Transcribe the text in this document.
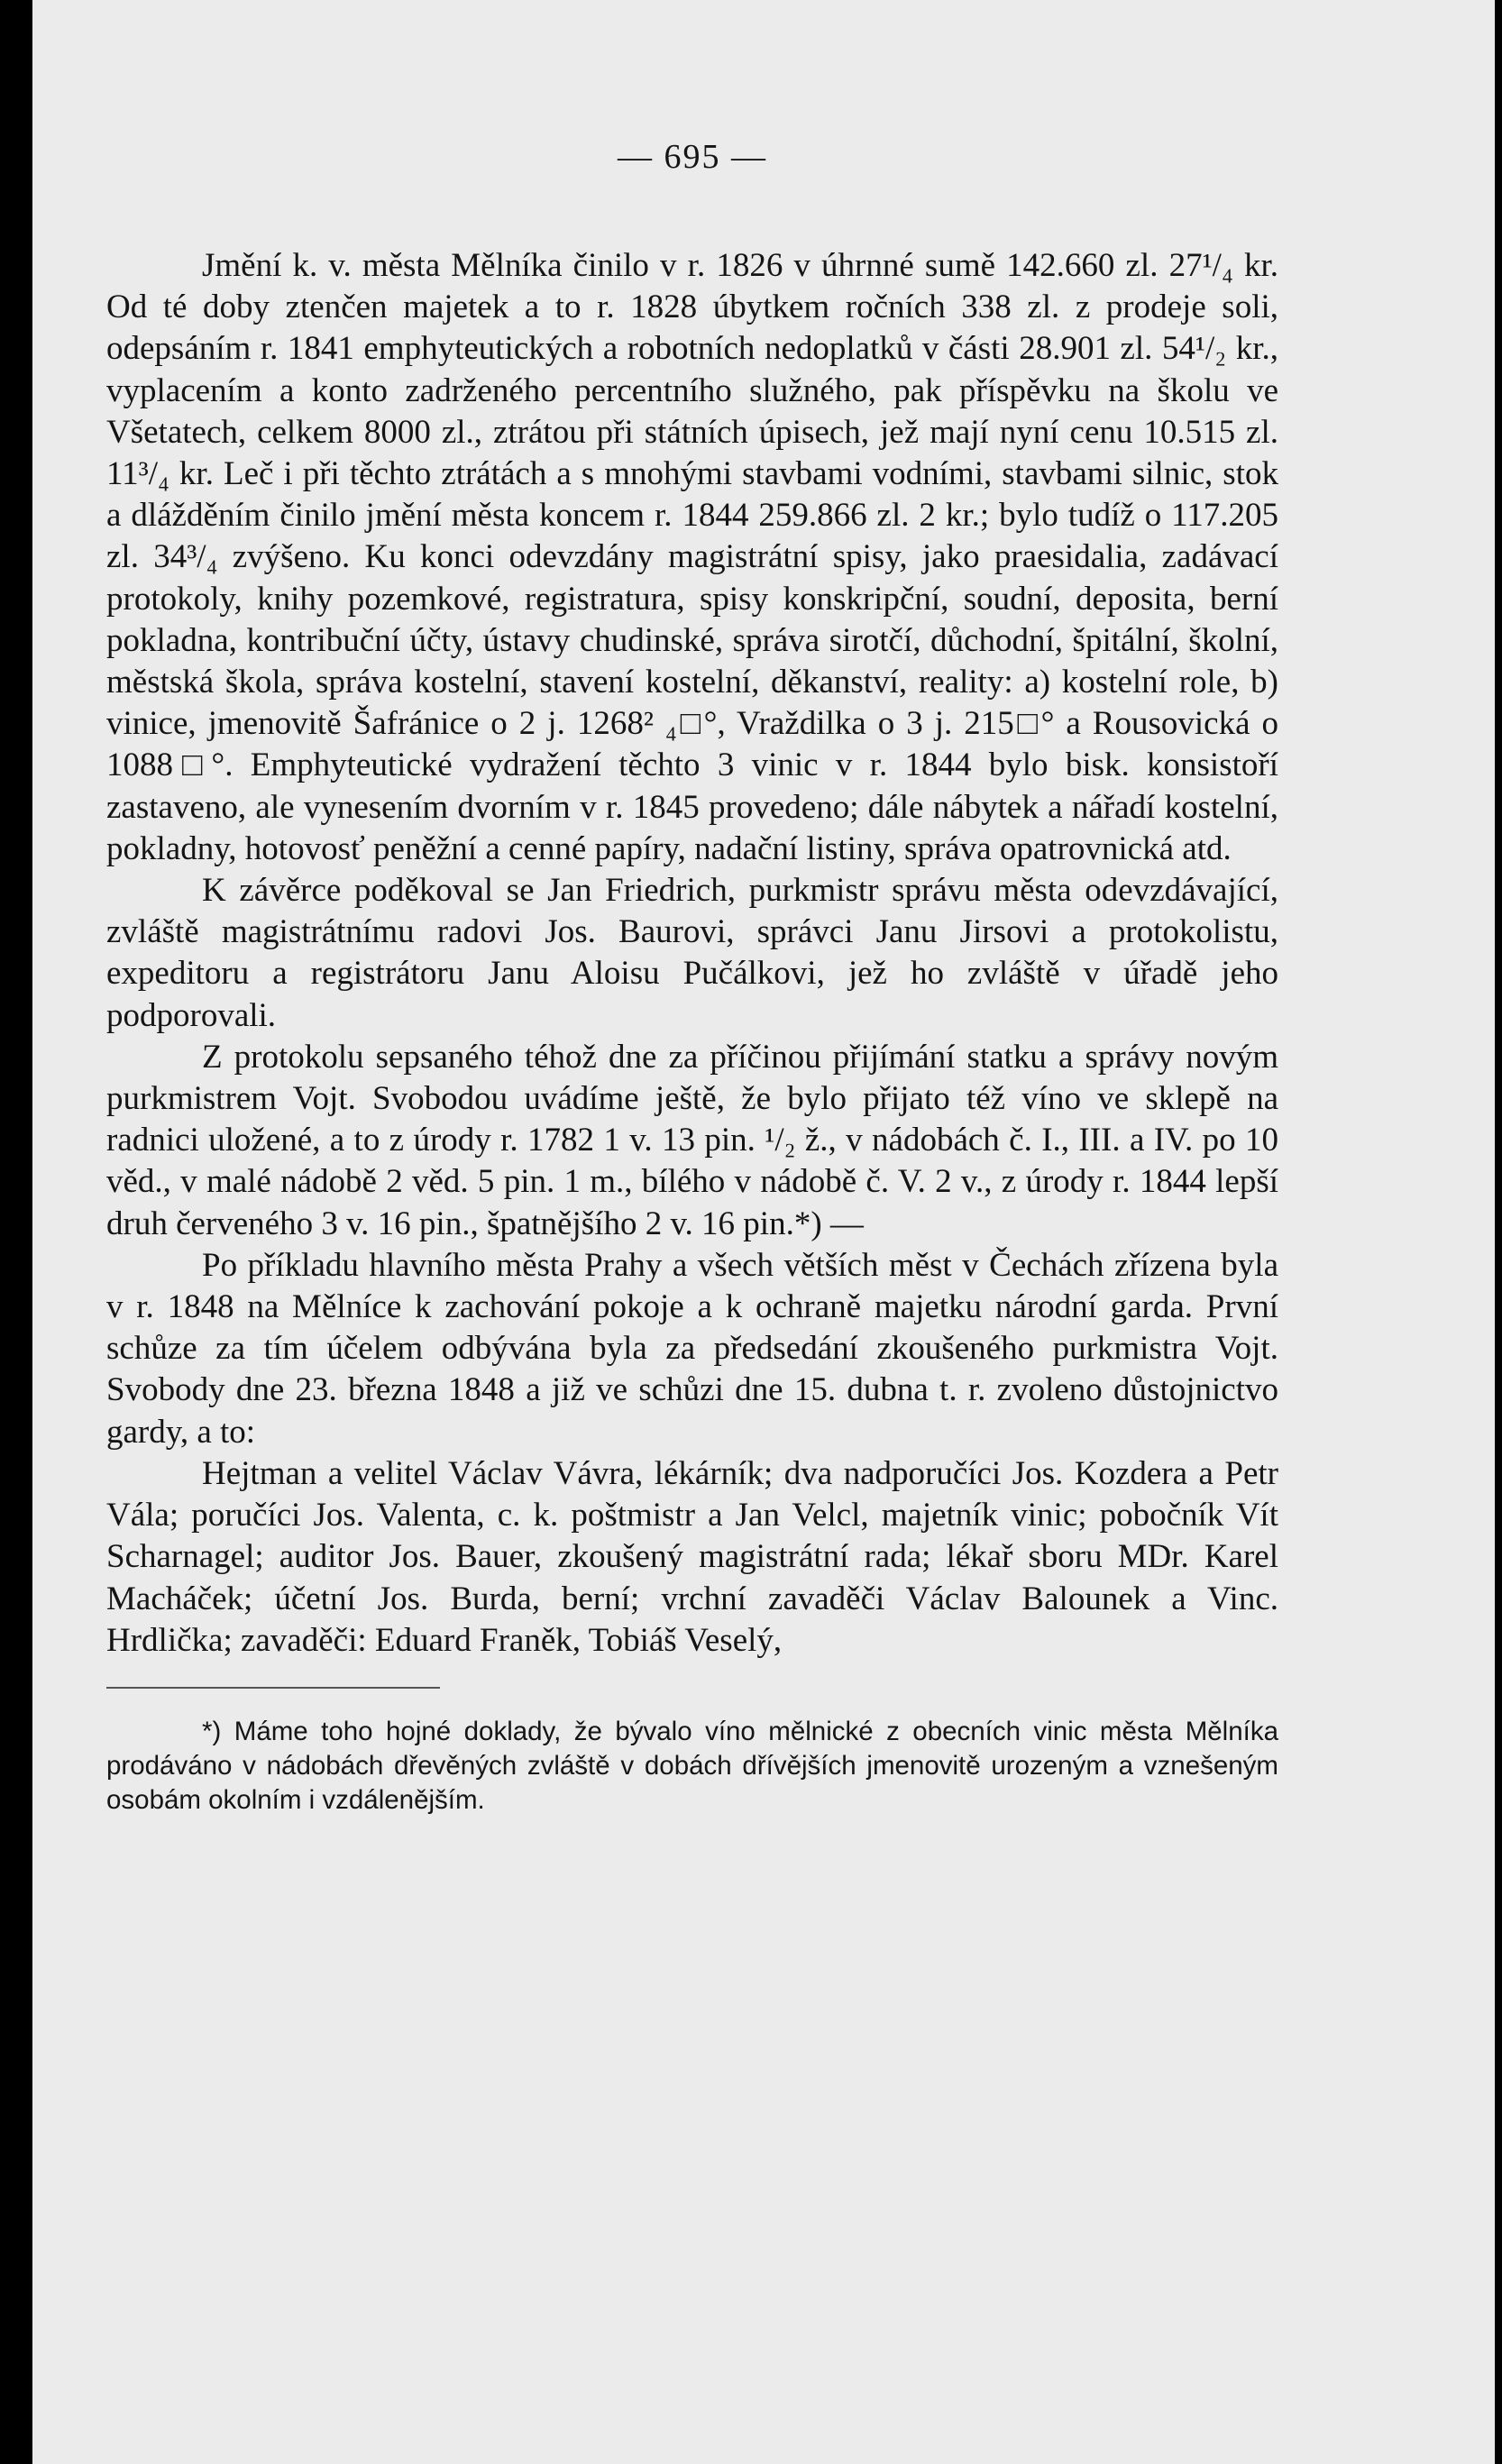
— 695 —

Jmění k. v. města Mělníka činilo v r. 1826 v úhrnné sumě 142.660 zl. 27¹/₄ kr. Od té doby ztenčen majetek a to r. 1828 úbytkem ročních 338 zl. z prodeje soli, odepsáním r. 1841 emphyteutických a robotních nedoplatků v části 28.901 zl. 54¹/₂ kr., vyplacením a konto zadrženého percentního služného, pak příspěvku na školu ve Všetatech, celkem 8000 zl., ztrátou při státních úpisech, jež mají nyní cenu 10.515 zl. 11³/₄ kr. Leč i při těchto ztrátách a s mnohými stavbami vodními, stavbami silnic, stok a dlážděním činilo jmění města koncem r. 1844 259.866 zl. 2 kr.; bylo tudíž o 117.205 zl. 34³/₄ zvýšeno. Ku konci odevzdány magistrátní spisy, jako praesidalia, zadávací protokoly, knihy pozemkové, registratura, spisy konskripční, soudní, deposita, berní pokladna, kontribuční účty, ústavy chudinské, správa sirotčí, důchodní, špitální, školní, městská škola, správa kostelní, stavení kostelní, děkanství, reality: a) kostelní role, b) vinice, jmenovitě Šafránice o 2 j. 1268² ₄□°, Vraždilka o 3 j. 215□° a Rousovická o 1088□°. Emphyteutické vydražení těchto 3 vinic v r. 1844 bylo bisk. konsistoří zastaveno, ale vynesením dvorním v r. 1845 provedeno; dále nábytek a nářadí kostelní, pokladny, hotovosť peněžní a cenné papíry, nadační listiny, správa opatrovnická atd.

K závěrce poděkoval se Jan Friedrich, purkmistr správu města odevzdávající, zvláště magistrátnímu radovi Jos. Baurovi, správci Janu Jirsovi a protokolistu, expeditoru a registrátoru Janu Aloisu Pučálkovi, jež ho zvláště v úřadě jeho podporovali.

Z protokolu sepsaného téhož dne za příčinou přijímání statku a správy novým purkmistrem Vojt. Svobodou uvádíme ještě, že bylo přijato též víno ve sklepě na radnici uložené, a to z úrody r. 1782 1 v. 13 pin. ¹/₂ ž., v nádobách č. I., III. a IV. po 10 věd., v malé nádobě 2 věd. 5 pin. 1 m., bílého v nádobě č. V. 2 v., z úrody r. 1844 lepší druh červeného 3 v. 16 pin., špatnějšího 2 v. 16 pin.*) —

Po příkladu hlavního města Prahy a všech větších měst v Čechách zřízena byla v r. 1848 na Mělníce k zachování pokoje a k ochraně majetku národní garda. První schůze za tím účelem odbývána byla za předsedání zkoušeného purkmistra Vojt. Svobody dne 23. března 1848 a již ve schůzi dne 15. dubna t. r. zvoleno důstojnictvo gardy, a to:

Hejtman a velitel Václav Vávra, lékárník; dva nadporučíci Jos. Kozdera a Petr Vála; poručíci Jos. Valenta, c. k. poštmistr a Jan Velcl, majetník vinic; pobočník Vít Scharnagel; auditor Jos. Bauer, zkoušený magistrátní rada; lékař sboru MDr. Karel Macháček; účetní Jos. Burda, berní; vrchní zavaděči Václav Balounek a Vinc. Hrdlička; zavaděči: Eduard Franěk, Tobiáš Veselý,

*) Máme toho hojné doklady, že bývalo víno mělnické z obecních vinic města Mělníka prodáváno v nádobách dřevěných zvláště v dobách dřívějších jmenovitě urozeným a vznešeným osobám okolním i vzdálenějším.
